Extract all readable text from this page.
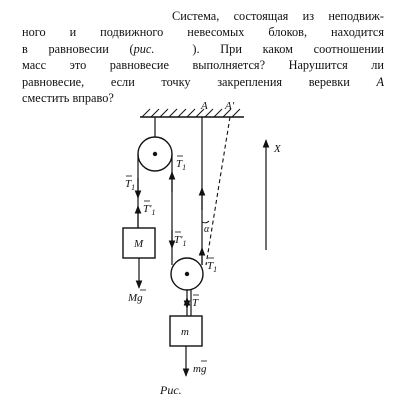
Система, состоящая из неподвиж-
ного и подвижного невесомых блоков, находится
в равновесии (рис.	). При каком соотношении
масс это равновесие выполняется? Нарушится ли
равновесие, если точку закрепления веревки A
сместить вправо?
A A′
X
$T_1$
$T'_1$
$T_1$
$T'_1$
$T_1$
T
α
M
m
Mg
mg
Рис.
